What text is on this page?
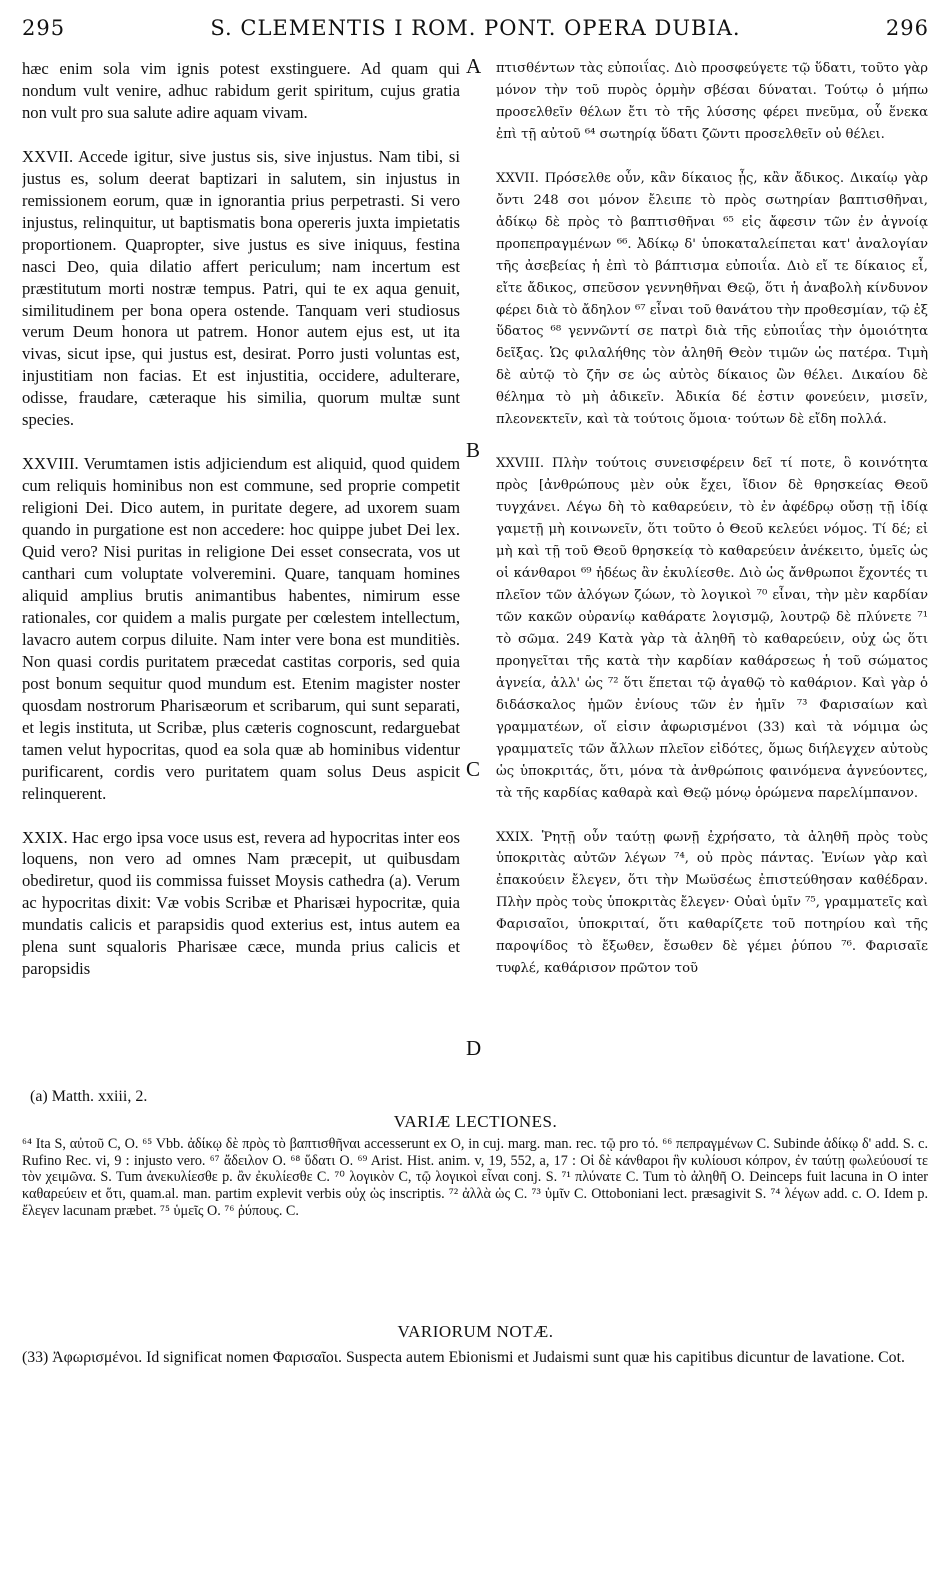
295	S. CLEMENTIS I ROM. PONT. OPERA DUBIA.	296

hæc enim sola vim ignis potest exstinguere. Ad quam qui nondum vult venire, adhuc rabidum gerit spiritum, cujus gratia non vult pro sua salute adire aquam vivam.

XXVII. Accede igitur, sive justus sis, sive injustus. Nam tibi, si justus es, solum deerat baptizari in salutem, sin injustus in remissionem eorum, quæ in ignorantia prius perpetrasti. Si vero injustus, relinquitur, ut baptismatis bona opereris juxta impietatis proportionem. Quapropter, sive justus es sive iniquus, festina nasci Deo, quia dilatio affert periculum; nam incertum est præstitutum morti nostræ tempus. Patri, qui te ex aqua genuit, similitudinem per bona opera ostende. Tanquam veri studiosus verum Deum honora ut patrem. Honor autem ejus est, ut ita vivas, sicut ipse, qui justus est, desirat. Porro justi voluntas est, injustitiam non facias. Et est injustitia, occidere, adulterare, odisse, fraudare, cæteraque his similia, quorum multæ sunt species.

XXVIII. Verumtamen istis adjiciendum est aliquid, quod quidem cum reliquis hominibus non est commune, sed proprie competit religioni Dei. Dico autem, in puritate degere, ad uxorem suam quando in purgatione est non accedere: hoc quippe jubet Dei lex. Quid vero? Nisi puritas in religione Dei esset consecrata, vos ut canthari cum voluptate volveremini. Quare, tanquam homines aliquid amplius brutis animantibus habentes, nimirum esse rationales, cor quidem a malis purgate per cœlestem intellectum, lavacro autem corpus diluite. Nam inter vere bona est munditiès. Non quasi cordis puritatem præcedat castitas corporis, sed quia post bonum sequitur quod mundum est. Etenim magister noster quosdam nostrorum Pharisæorum et scribarum, qui sunt separati, et legis instituta, ut Scribæ, plus cæteris cognoscunt, redarguebat tamen velut hypocritas, quod ea sola quæ ab hominibus videntur purificarent, cordis vero puritatem quam solus Deus aspicit relinquerent.

XXIX. Hac ergo ipsa voce usus est, revera ad hypocritas inter eos loquens, non vero ad omnes Nam præcepit, ut quibusdam obediretur, quod iis commissa fuisset Moysis cathedra (a). Verum ac hypocritas dixit: Væ vobis Scribæ et Pharisæi hypocritæ, quia mundatis calicis et parapsidis quod exterius est, intus autem ea plena sunt squaloris Pharisæe cæce, munda prius calicis et paropsidis

A
B
C
D

πτισθέντων τὰς εὐποιΐας. Διὸ προσφεύγετε τῷ ὕδατι, τοῦτο γὰρ μόνον τὴν τοῦ πυρὸς ὁρμὴν σβέσαι δύναται. Τούτῳ ὁ μήπω προσελθεῖν θέλων ἔτι τὸ τῆς λύσσης φέρει πνεῦμα, οὗ ἕνεκα ἐπὶ τῇ αὐτοῦ ⁶⁴ σωτηρίᾳ ὕδατι ζῶντι προσελθεῖν οὐ θέλει.

XXVII. Πρόσελθε οὖν, κἂν δίκαιος ᾖς, κἂν ἄδικος. Δικαίῳ γὰρ ὄντι 248 σοι μόνον ἔλειπε τὸ πρὸς σωτηρίαν βαπτισθῆναι, ἀδίκῳ δὲ πρὸς τὸ βαπτισθῆναι ⁶⁵ εἰς ἄφεσιν τῶν ἐν ἀγνοίᾳ προπεπραγμένων ⁶⁶. Ἀδίκῳ δ' ὑποκαταλείπεται κατ' ἀναλογίαν τῆς ἀσεβείας ἡ ἐπὶ τὸ βάπτισμα εὐποιΐα. Διὸ εἴ τε δίκαιος εἶ, εἴτε ἄδικος, σπεῦσον γεννηθῆναι Θεῷ, ὅτι ἡ ἀναβολὴ κίνδυνον φέρει διὰ τὸ ἄδηλον ⁶⁷ εἶναι τοῦ θανάτου τὴν προθεσμίαν, τῷ ἐξ ὕδατος ⁶⁸ γεννῶντί σε πατρὶ διὰ τῆς εὐποιΐας τὴν ὁμοιότητα δεῖξας. Ὡς φιλαλήθης τὸν ἀληθῆ Θεὸν τιμῶν ὡς πατέρα. Τιμὴ δὲ αὐτῷ τὸ ζῆν σε ὡς αὐτὸς δίκαιος ὢν θέλει. Δικαίου δὲ θέλημα τὸ μὴ ἀδικεῖν. Ἀδικία δέ ἐστιν φονεύειν, μισεῖν, πλεονεκτεῖν, καὶ τὰ τούτοις ὅμοια· τούτων δὲ εἴδη πολλά.

XXVIII. Πλὴν τούτοις συνεισφέρειν δεῖ τί ποτε, ὃ κοινότητα πρὸς [ἀνθρώπους μὲν οὐκ ἔχει, ἴδιον δὲ θρησκείας Θεοῦ τυγχάνει. Λέγω δὴ τὸ καθαρεύειν, τὸ ἐν ἀφέδρῳ οὔσῃ τῇ ἰδίᾳ γαμετῇ μὴ κοινωνεῖν, ὅτι τοῦτο ὁ Θεοῦ κελεύει νόμος. Τί δέ; εἰ μὴ καὶ τῇ τοῦ Θεοῦ θρησκείᾳ τὸ καθαρεύειν ἀνέκειτο, ὑμεῖς ὡς οἱ κάνθαροι ⁶⁹ ἡδέως ἂν ἐκυλίεσθε. Διὸ ὡς ἄνθρωποι ἔχοντές τι πλεῖον τῶν ἀλόγων ζώων, τὸ λογικοὶ ⁷⁰ εἶναι, τὴν μὲν καρδίαν τῶν κακῶν οὐρανίῳ καθάρατε λογισμῷ, λουτρῷ δὲ πλύνετε ⁷¹ τὸ σῶμα. 249 Κατὰ γὰρ τὰ ἀληθῆ τὸ καθαρεύειν, οὐχ ὡς ὅτι προηγεῖται τῆς κατὰ τὴν καρδίαν καθάρσεως ἡ τοῦ σώματος ἁγνεία, ἀλλ' ὡς ⁷² ὅτι ἕπεται τῷ ἀγαθῷ τὸ καθάριον. Καὶ γὰρ ὁ διδάσκαλος ἡμῶν ἐνίους τῶν ἐν ἡμῖν ⁷³ Φαρισαίων καὶ γραμματέων, οἵ εἰσιν ἀφωρισμένοι (33) καὶ τὰ νόμιμα ὡς γραμματεῖς τῶν ἄλλων πλεῖον εἰδότες, ὅμως διήλεγχεν αὐτοὺς ὡς ὑποκριτάς, ὅτι, μόνα τὰ ἀνθρώποις φαινόμενα ἁγνεύοντες, τὰ τῆς καρδίας καθαρὰ καὶ Θεῷ μόνῳ ὁρώμενα παρελίμπανον.

XXIX. Ῥητῇ οὖν ταύτῃ φωνῇ ἐχρήσατο, τὰ ἀληθῆ πρὸς τοὺς ὑποκριτὰς αὐτῶν λέγων ⁷⁴, οὐ πρὸς πάντας. Ἐνίων γὰρ καὶ ἐπακούειν ἔλεγεν, ὅτι τὴν Μωϋσέως ἐπιστεύθησαν καθέδραν. Πλὴν πρὸς τοὺς ὑποκριτὰς ἔλεγεν· Οὐαὶ ὑμῖν ⁷⁵, γραμματεῖς καὶ Φαρισαῖοι, ὑποκριταί, ὅτι καθαρίζετε τοῦ ποτηρίου καὶ τῆς παροψίδος τὸ ἔξωθεν, ἔσωθεν δὲ γέμει ῥύπου ⁷⁶. Φαρισαῖε τυφλέ, καθάρισον πρῶτον τοῦ

(a) Matth. xxiii, 2.
VARIÆ LECTIONES.
⁶⁴ Ita S, αὐτοῦ C, O. ⁶⁵ Vbb. ἀδίκῳ δὲ πρὸς τὸ βαπτισθῆναι accesserunt ex O, in cuj. marg. man. rec. τῷ pro τό. ⁶⁶ πεπραγμένων C. Subinde ἀδίκῳ δ' add. S. c. Rufino Rec. vi, 9 : injusto vero. ⁶⁷ ἄδειλον O. ⁶⁸ ὕδατι O. ⁶⁹ Arist. Hist. anim. v, 19, 552, a, 17 : Οἱ δὲ κάνθαροι ἣν κυλίουσι κόπρον, ἐν ταύτῃ φωλεύουσί τε τὸν χειμῶνα. S. Tum ἀνεκυλίεσθε p. ἂν ἐκυλίεσθε C. ⁷⁰ λογικὸν C, τῷ λογικοὶ εἶναι conj. S. ⁷¹ πλύνατε C. Tum τὸ ἀληθῆ O. Deinceps fuit lacuna in O inter καθαρεύειν et ὅτι, quam.al. man. partim explevit verbis οὐχ ὡς inscriptis. ⁷² ἀλλὰ ὡς C. ⁷³ ὑμῖν C. Ottoboniani lect. præsagivit S. ⁷⁴ λέγων add. c. O. Idem p. ἔλεγεν lacunam præbet. ⁷⁵ ὑμεῖς O. ⁷⁶ ῥύπους. C.
VARIORUM NOTÆ.
(33) Ἀφωρισμένοι. Id significat nomen Φαρισαῖοι. Suspecta autem Ebionismi et Judaismi sunt quæ his capitibus dicuntur de lavatione. Cot.
